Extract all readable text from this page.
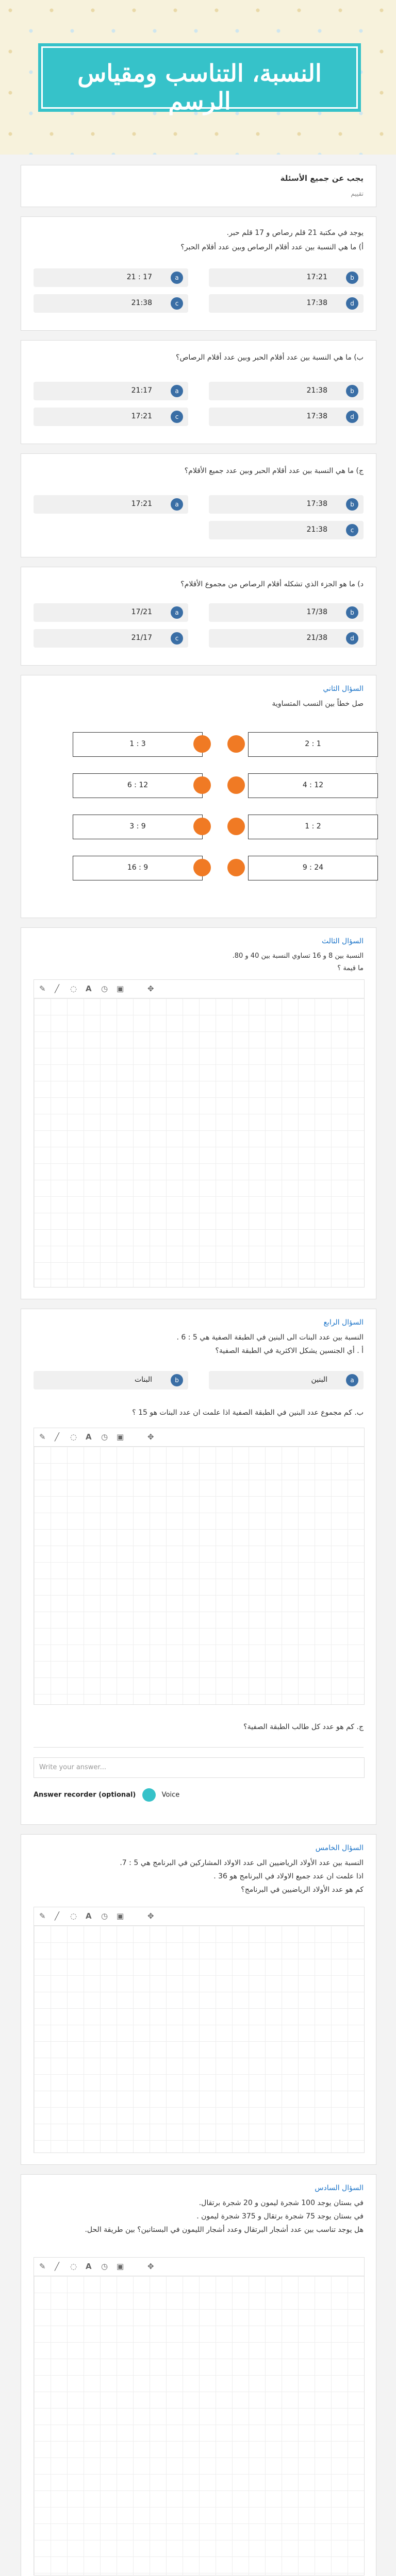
النسبة، التناسب ومقياس الرسم
يجب عن جميع الأسئلة
تقييم
يوجد في مكتبة 21 قلم رصاص و 17 قلم حبر.
أ) ما هي النسبة بين عدد أقلام الرصاص وبين عدد أقلام الحبر؟
b
17:21
a
21 : 17
d
17:38
c
21:38
ب) ما هي النسبة بين عدد أقلام الحبر وبين عدد أقلام الرصاص؟
b
21:38
a
21:17
d
17:38
c
17:21
ج) ما هي النسبة بين عدد أقلام الحبر وبين عدد جميع الأقلام؟
b
17:38
a
17:21
c
21:38
د) ما هو الجزء الذي تشكله أقلام الرصاص من مجموع الأقلام؟
b
17/38
a
17/21
d
21/38
c
21/17
السؤال الثاني
صل خطاً بين النسب المتساوية
1 : 3
6 : 12
3 : 9
16 : 9
2 : 1
4 : 12
1 : 2
9 : 24
السؤال الثالث
النسبة بين 8 و 16 تساوي النسبة بين 40 و 80.
ما قيمة ؟
✎ ╱ ◌ A ◷ ▣	✥
السؤال الرابع
النسبة بين عدد البنات الى البنين في الطبقة الصفية هي 5 : 6 .
أ . أي الجنسين يشكل الاكثرية في الطبقة الصفية؟
a
البنين
b
البنات
ب. كم مجموع عدد البنين في الطبقة الصفية اذا علمت ان عدد البنات هو 15 ؟
✎ ╱ ◌ A ◷ ▣	✥
ج. كم هو عدد كل طالب الطبقة الصفية؟
Write your answer...
Answer recorder (optional)	Voice
السؤال الخامس
النسبة بين عدد الأولاد الرياضيين الى عدد الاولاد المشاركين في البرنامج هي 5 : 7.
اذا علمت ان عدد جميع الاولاد في البرنامج هو 36 .
كم هو عدد الأولاد الرياضيين في البرنامج؟
✎ ╱ ◌ A ◷ ▣	✥
السؤال السادس
في بستان يوجد 100 شجرة ليمون و 20 شجرة برتقال.
في بستان يوجد 75 شجرة برتقال و 375 شجرة ليمون .
هل يوجد تناسب بين عدد أشجار البرتقال وعدد أشجار الليمون في البستانين؟ بين طريقة الحل.
✎ ╱ ◌ A ◷ ▣	✥
